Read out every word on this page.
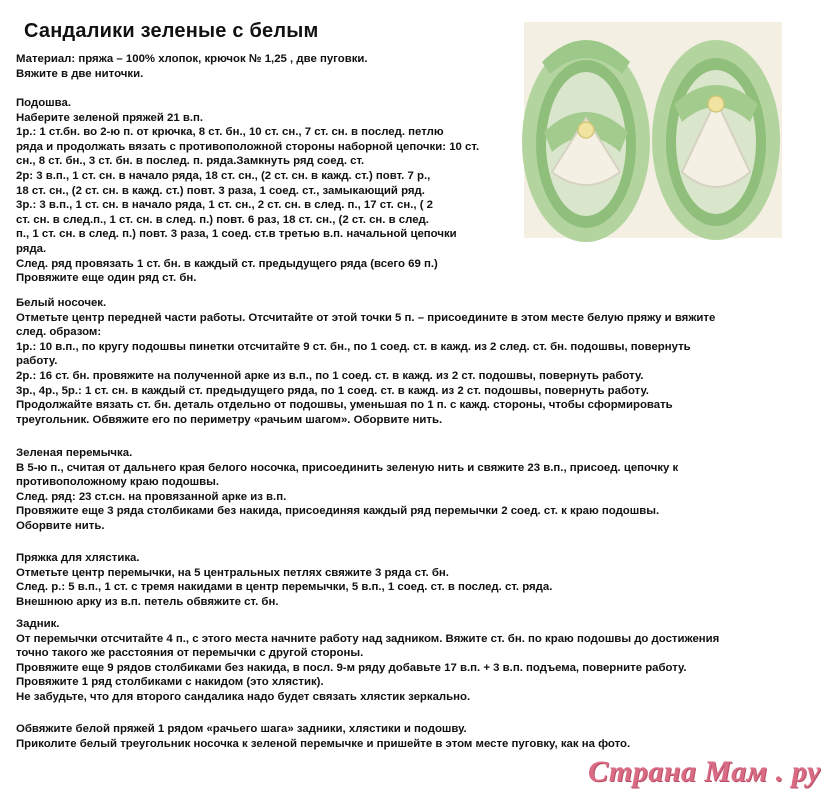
Сандалики зеленые с белым
Материал: пряжа – 100% хлопок, крючок № 1,25 , две пуговки.
Вяжите в две ниточки.
Подошва.
Наберите зеленой пряжей 21 в.п.
1р.: 1 ст.бн. во 2-ю п. от крючка, 8 ст. бн., 10 ст. сн., 7 ст. сн. в послед. петлю
ряда и продолжать вязать с противоположной стороны наборной цепочки: 10 ст.
сн., 8 ст. бн., 3 ст. бн. в послед. п. ряда.Замкнуть ряд соед. ст.
2р: 3 в.п., 1 ст. сн. в начало ряда, 18 ст. сн., (2 ст. сн. в кажд. ст.) повт. 7 р.,
18 ст. сн., (2 ст. сн. в кажд. ст.) повт. 3 раза, 1 соед. ст., замыкающий ряд.
3р.: 3 в.п., 1 ст. сн. в начало ряда, 1 ст. сн., 2 ст. сн. в след. п., 17 ст. сн., ( 2
ст. сн. в след.п., 1 ст. сн. в след. п.) повт. 6 раз, 18 ст. сн., (2 ст. сн. в след.
п., 1 ст. сн. в след. п.) повт. 3 раза, 1 соед. ст.в третью в.п. начальной цепочки
ряда.
След. ряд провязать 1 ст. бн. в каждый ст. предыдущего ряда (всего 69 п.)
Провяжите еще один ряд ст. бн.
Белый носочек.
Отметьте центр передней части работы. Отсчитайте от этой точки 5 п. – присоедините в этом месте белую пряжу и вяжите
след. образом:
1р.: 10 в.п., по кругу подошвы пинетки отсчитайте 9 ст. бн., по 1 соед. ст. в кажд. из 2 след. ст. бн. подошвы, повернуть
работу.
2р.: 16 ст. бн. провяжите на полученной арке из в.п., по 1 соед. ст. в кажд. из 2 ст. подошвы, повернуть работу.
3р., 4р., 5р.: 1 ст. сн. в каждый ст. предыдущего ряда, по 1 соед. ст. в кажд. из 2 ст. подошвы, повернуть работу.
Продолжайте вязать ст. бн. деталь отдельно от подошвы, уменьшая по 1 п. с кажд. стороны, чтобы сформировать
треугольник. Обвяжите его по периметру «рачьим шагом». Оборвите нить.
Зеленая перемычка.
В 5-ю п., считая от дальнего края белого носочка, присоединить зеленую нить и свяжите 23 в.п., присоед. цепочку к
противоположному краю подошвы.
След. ряд: 23 ст.сн. на провязанной арке из в.п.
Провяжите еще 3 ряда столбиками без накида, присоединяя каждый ряд перемычки 2 соед. ст. к краю подошвы.
Оборвите нить.
Пряжка для хлястика.
Отметьте центр перемычки, на 5 центральных петлях свяжите 3 ряда ст. бн.
След. р.: 5 в.п., 1 ст. с тремя накидами в центр перемычки, 5 в.п., 1 соед. ст. в послед. ст. ряда.
Внешнюю арку из в.п. петель обвяжите ст. бн.
Задник.
От перемычки отсчитайте 4 п., с этого места начните работу над задником. Вяжите ст. бн. по краю подошвы до достижения
точно такого же расстояния от перемычки с другой стороны.
Провяжите еще 9 рядов столбиками без накида, в посл. 9-м ряду добавьте 17 в.п. + 3 в.п. подъема, поверните работу.
Провяжите 1 ряд столбиками с накидом (это хлястик).
Не забудьте, что для второго сандалика надо будет связать хлястик зеркально.
Обвяжите белой пряжей 1 рядом «рачьего шага» задники, хлястики и подошву.
Приколите белый треугольник носочка к зеленой перемычке и пришейте в этом месте пуговку, как на фото.
Страна Мам . ру
